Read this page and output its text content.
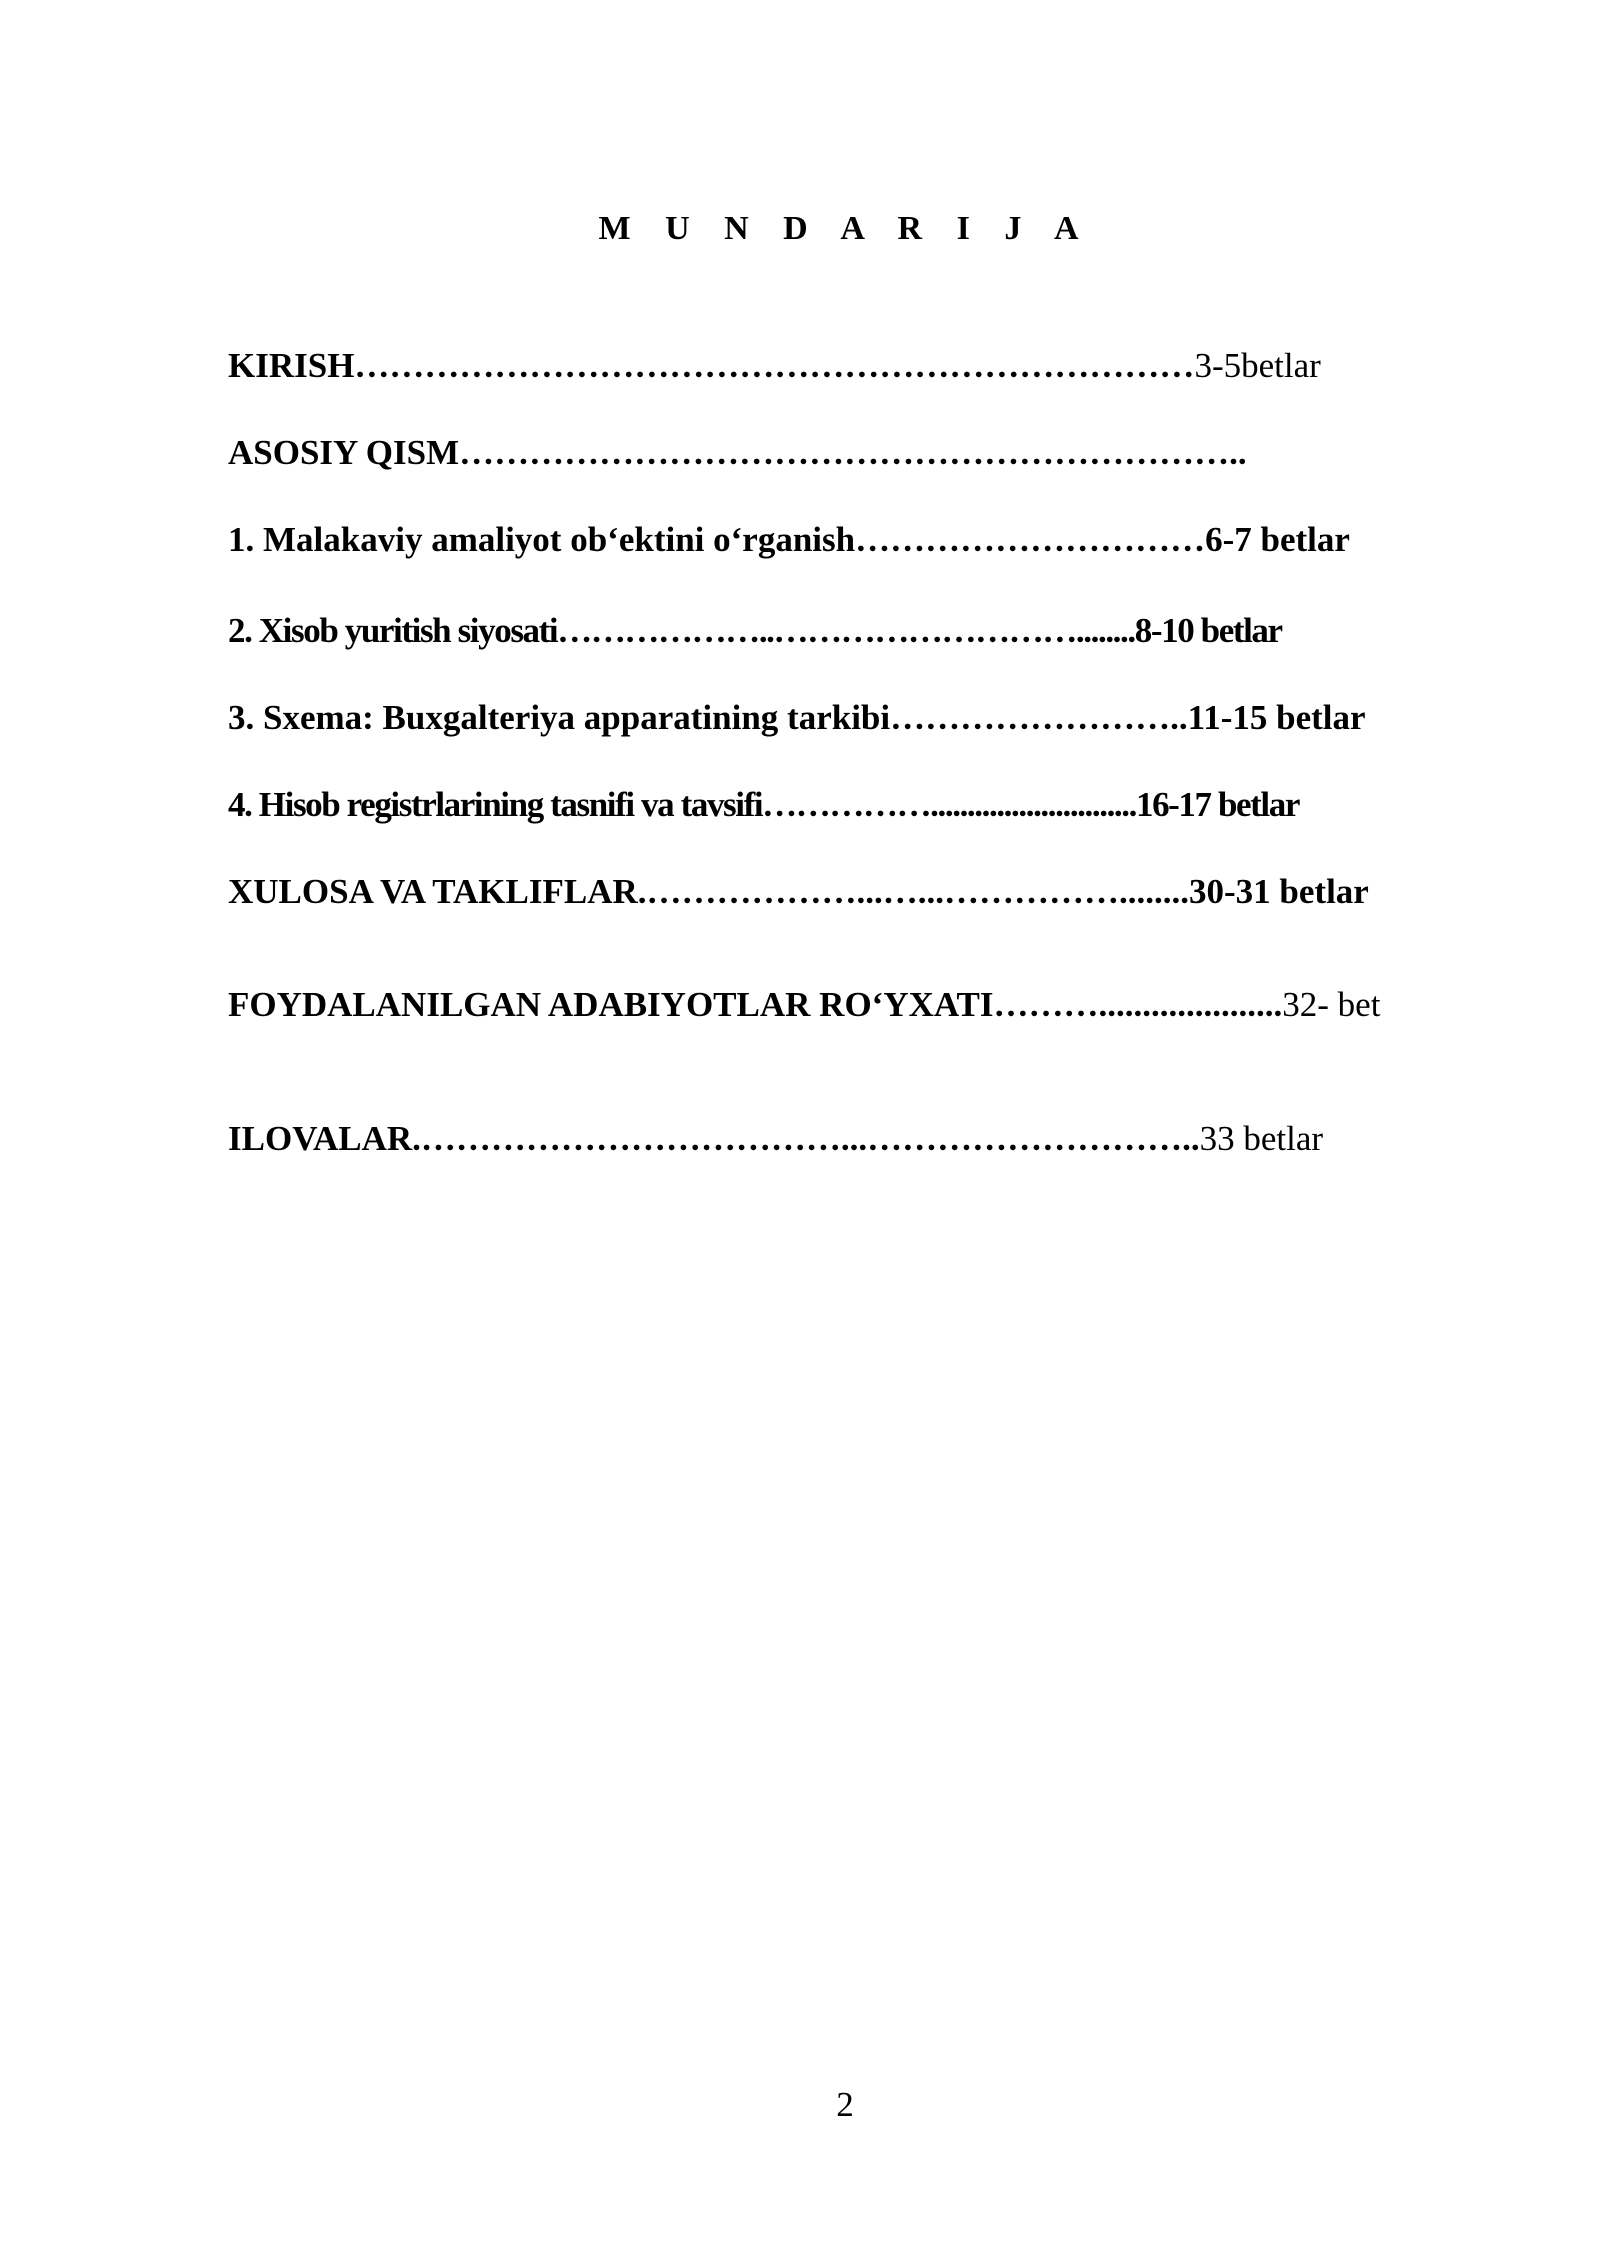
M U N D A R I J A
KIRISH………………………………………………………………3-5betlar
ASOSIY QISM…………………………………………………………..
1. Malakaviy amaliyot ob‘ektini o‘rganish…………………………6-7 betlar
2. Xisob yuritish siyosati………………..………………………........8-10 betlar
3. Sxema: Buxgalteriya apparatining tarkibi……………………..11-15 betlar
4. Hisob registrlarining tasnifi va tavsifi……………............................16-17 betlar
XULOSA VA TAKLIFLAR.………………...…...……………........30-31 betlar
FOYDALANILGAN ADABIYOTLAR RO‘YXATI……….....................32- bet
ILOVALAR.………………………………...………………………..33 betlar
2
